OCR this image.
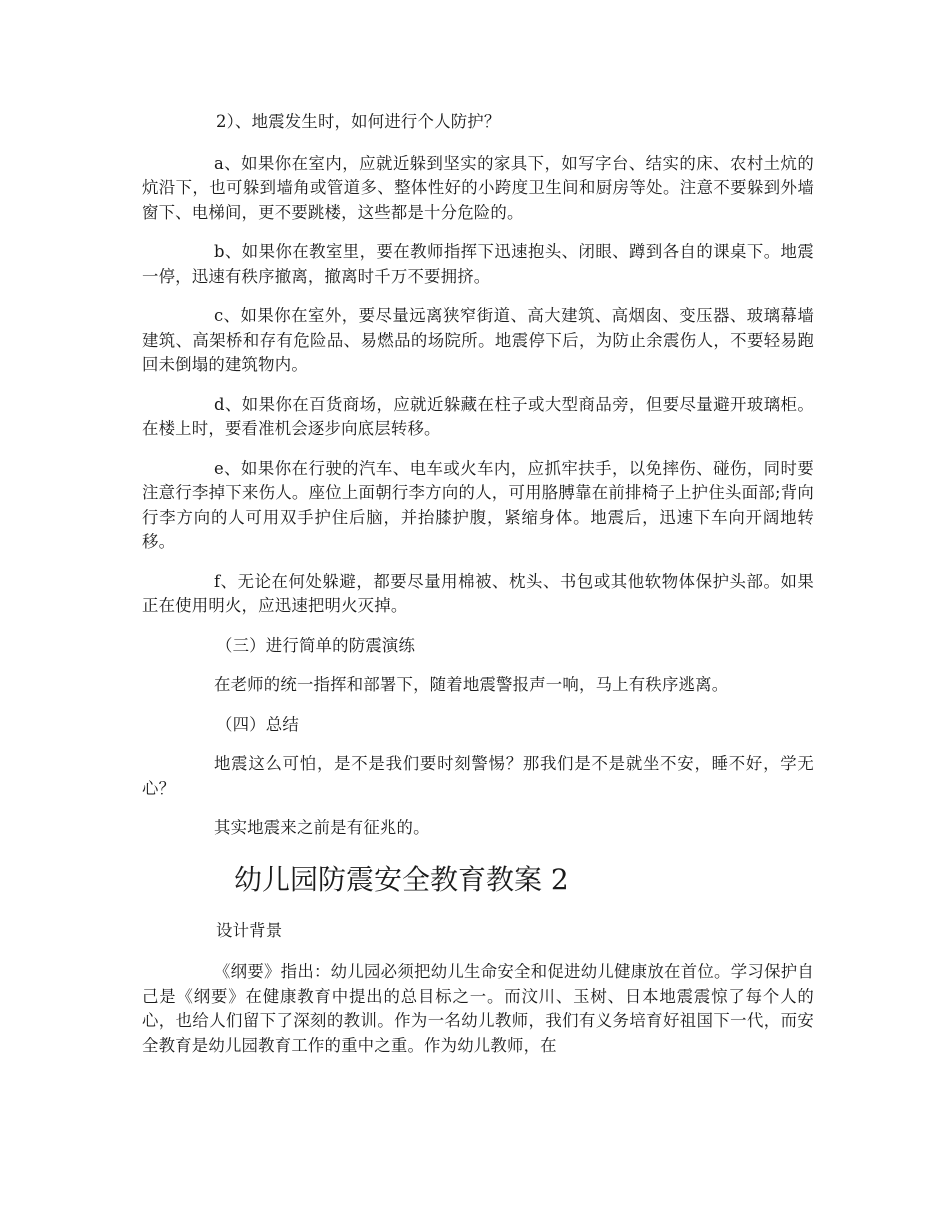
2）、地震发生时，如何进行个人防护？

a、如果你在室内，应就近躲到坚实的家具下，如写字台、结实的床、农村土炕的炕沿下，也可躲到墙角或管道多、整体性好的小跨度卫生间和厨房等处。注意不要躲到外墙窗下、电梯间，更不要跳楼，这些都是十分危险的。

b、如果你在教室里，要在教师指挥下迅速抱头、闭眼、蹲到各自的课桌下。地震一停，迅速有秩序撤离，撤离时千万不要拥挤。

c、如果你在室外，要尽量远离狭窄街道、高大建筑、高烟囱、变压器、玻璃幕墙建筑、高架桥和存有危险品、易燃品的场院所。地震停下后，为防止余震伤人，不要轻易跑回未倒塌的建筑物内。

d、如果你在百货商场，应就近躲藏在柱子或大型商品旁，但要尽量避开玻璃柜。在楼上时，要看准机会逐步向底层转移。

e、如果你在行驶的汽车、电车或火车内，应抓牢扶手，以免摔伤、碰伤，同时要注意行李掉下来伤人。座位上面朝行李方向的人，可用胳膊靠在前排椅子上护住头面部;背向行李方向的人可用双手护住后脑，并抬膝护腹，紧缩身体。地震后，迅速下车向开阔地转移。

f、无论在何处躲避，都要尽量用棉被、枕头、书包或其他软物体保护头部。如果正在使用明火，应迅速把明火灭掉。

（三）进行简单的防震演练

在老师的统一指挥和部署下，随着地震警报声一响，马上有秩序逃离。

（四）总结

地震这么可怕，是不是我们要时刻警惕？那我们是不是就坐不安，睡不好，学无心？

其实地震来之前是有征兆的。

幼儿园防震安全教育教案 2

设计背景

《纲要》指出：幼儿园必须把幼儿生命安全和促进幼儿健康放在首位。学习保护自己是《纲要》在健康教育中提出的总目标之一。而汶川、玉树、日本地震震惊了每个人的心，也给人们留下了深刻的教训。作为一名幼儿教师，我们有义务培育好祖国下一代，而安全教育是幼儿园教育工作的重中之重。作为幼儿教师，在
